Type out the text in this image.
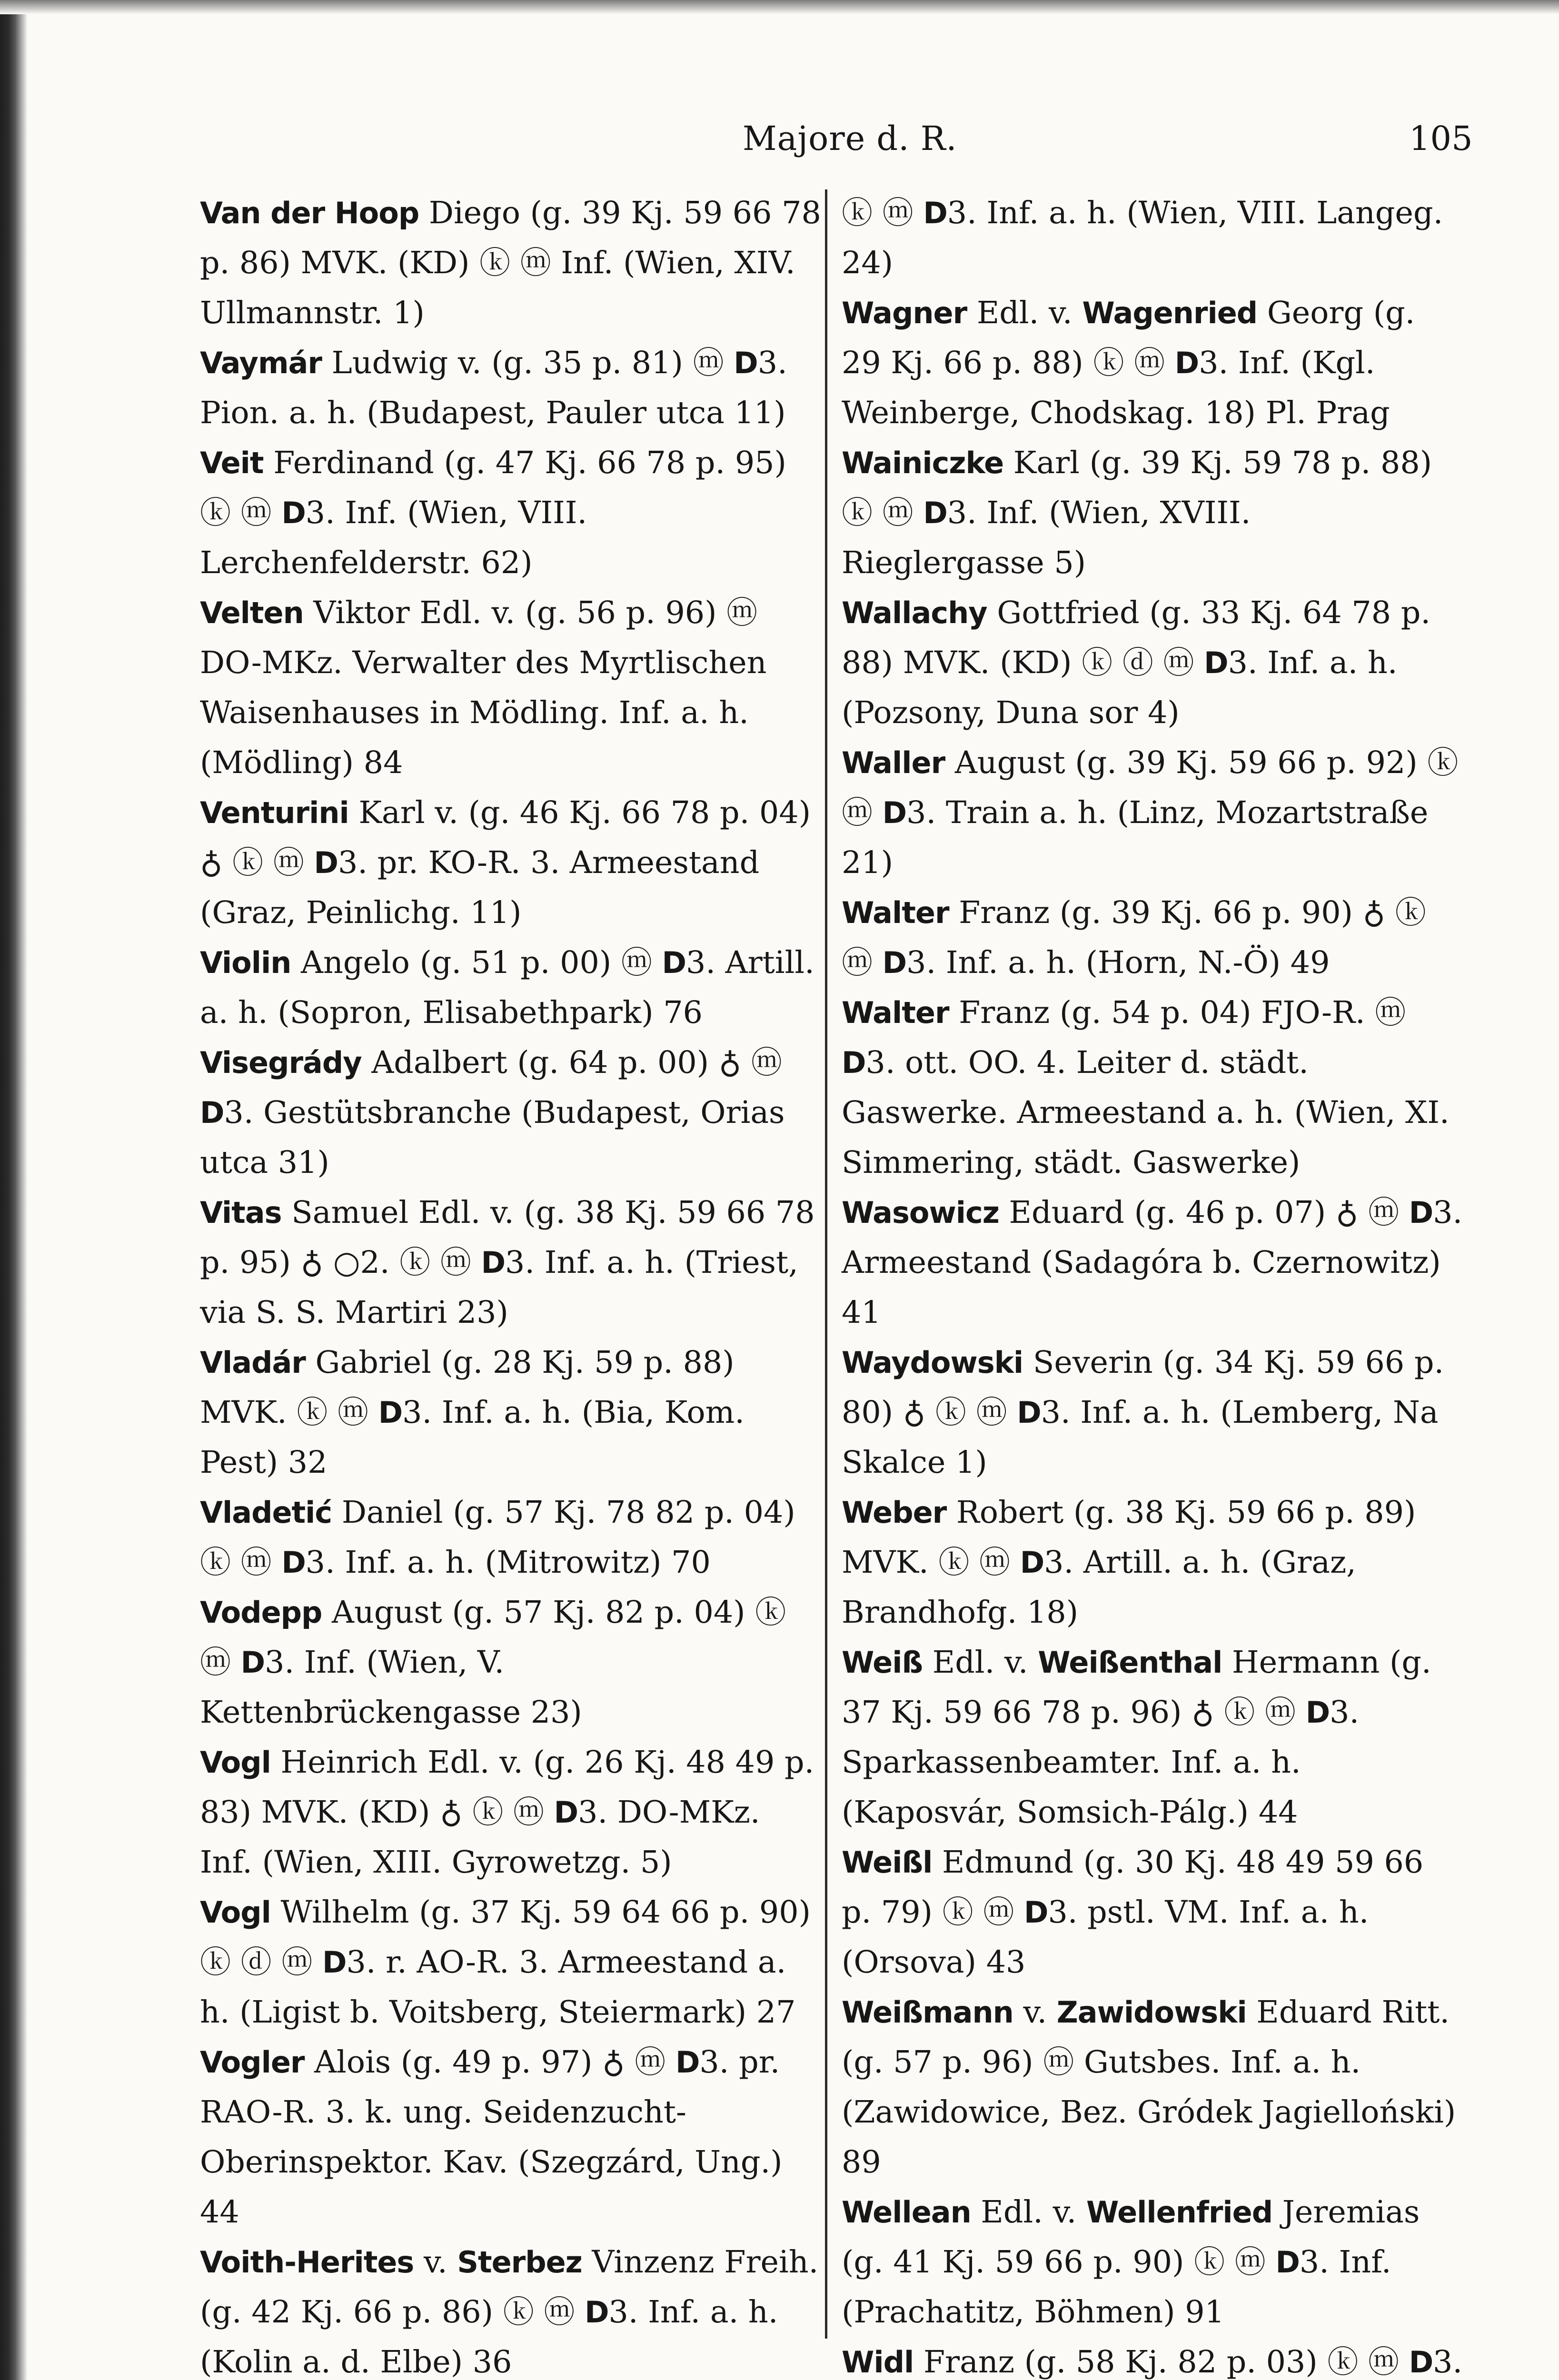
Majore d. R.	105

Van der Hoop Diego (g. 39 Kj. 59 66 78 p. 86) MVK. (KD) ⓚ ⓜ Inf. (Wien, XIV. Ullmannstr. 1)

Vaymár Ludwig v. (g. 35 p. 81) ⓜ D3. Pion. a. h. (Budapest, Pauler utca 11)

Veit Ferdinand (g. 47 Kj. 66 78 p. 95) ⓚ ⓜ D3. Inf. (Wien, VIII. Lerchenfelderstr. 62)

Velten Viktor Edl. v. (g. 56 p. 96) ⓜ DO-MKz. Verwalter des Myrtlischen Waisenhauses in Mödling. Inf. a. h. (Mödling) 84

Venturini Karl v. (g. 46 Kj. 66 78 p. 04) ♁ ⓚ ⓜ D3. pr. KO-R. 3. Armeestand (Graz, Peinlichg. 11)

Violin Angelo (g. 51 p. 00) ⓜ D3. Artill. a. h. (Sopron, Elisabethpark) 76

Visegrády Adalbert (g. 64 p. 00) ♁ ⓜ D3. Gestütsbranche (Budapest, Orias utca 31)

Vitas Samuel Edl. v. (g. 38 Kj. 59 66 78 p. 95) ♁ ○2. ⓚ ⓜ D3. Inf. a. h. (Triest, via S. S. Martiri 23)

Vladár Gabriel (g. 28 Kj. 59 p. 88) MVK. ⓚ ⓜ D3. Inf. a. h. (Bia, Kom. Pest) 32

Vladetić Daniel (g. 57 Kj. 78 82 p. 04) ⓚ ⓜ D3. Inf. a. h. (Mitrowitz) 70

Vodepp August (g. 57 Kj. 82 p. 04) ⓚ ⓜ D3. Inf. (Wien, V. Kettenbrückengasse 23)

Vogl Heinrich Edl. v. (g. 26 Kj. 48 49 p. 83) MVK. (KD) ♁ ⓚ ⓜ D3. DO-MKz. Inf. (Wien, XIII. Gyrowetzg. 5)

Vogl Wilhelm (g. 37 Kj. 59 64 66 p. 90) ⓚ ⓓ ⓜ D3. r. AO-R. 3. Armeestand a. h. (Ligist b. Voitsberg, Steiermark) 27

Vogler Alois (g. 49 p. 97) ♁ ⓜ D3. pr. RAO-R. 3. k. ung. Seidenzucht-Oberinspektor. Kav. (Szegzárd, Ung.) 44

Voith-Herites v. Sterbez Vinzenz Freih. (g. 42 Kj. 66 p. 86) ⓚ ⓜ D3. Inf. a. h. (Kolin a. d. Elbe) 36

ⓚ ⓜ D3. Inf. a. h. (Wien, VIII. Langeg. 24)

Wagner Edl. v. Wagenried Georg (g. 29 Kj. 66 p. 88) ⓚ ⓜ D3. Inf. (Kgl. Weinberge, Chodskag. 18) Pl. Prag

Wainiczke Karl (g. 39 Kj. 59 78 p. 88) ⓚ ⓜ D3. Inf. (Wien, XVIII. Rieglergasse 5)

Wallachy Gottfried (g. 33 Kj. 64 78 p. 88) MVK. (KD) ⓚ ⓓ ⓜ D3. Inf. a. h. (Pozsony, Duna sor 4)

Waller August (g. 39 Kj. 59 66 p. 92) ⓚ ⓜ D3. Train a. h. (Linz, Mozartstraße 21)

Walter Franz (g. 39 Kj. 66 p. 90) ♁ ⓚ ⓜ D3. Inf. a. h. (Horn, N.-Ö) 49

Walter Franz (g. 54 p. 04) FJO-R. ⓜ D3. ott. OO. 4. Leiter d. städt. Gaswerke. Armeestand a. h. (Wien, XI. Simmering, städt. Gaswerke)

Wasowicz Eduard (g. 46 p. 07) ♁ ⓜ D3. Armeestand (Sadagóra b. Czernowitz) 41

Waydowski Severin (g. 34 Kj. 59 66 p. 80) ♁ ⓚ ⓜ D3. Inf. a. h. (Lemberg, Na Skalce 1)

Weber Robert (g. 38 Kj. 59 66 p. 89) MVK. ⓚ ⓜ D3. Artill. a. h. (Graz, Brandhofg. 18)

Weiß Edl. v. Weißenthal Hermann (g. 37 Kj. 59 66 78 p. 96) ♁ ⓚ ⓜ D3. Sparkassenbeamter. Inf. a. h. (Kaposvár, Somsich-Pálg.) 44

Weißl Edmund (g. 30 Kj. 48 49 59 66 p. 79) ⓚ ⓜ D3. pstl. VM. Inf. a. h. (Orsova) 43

Weißmann v. Zawidowski Eduard Ritt. (g. 57 p. 96) ⓜ Gutsbes. Inf. a. h. (Zawidowice, Bez. Gródek Jagielloński) 89

Wellean Edl. v. Wellenfried Jeremias (g. 41 Kj. 59 66 p. 90) ⓚ ⓜ D3. Inf. (Prachatitz, Böhmen) 91

Widl Franz (g. 58 Kj. 82 p. 03) ⓚ ⓜ D3.
